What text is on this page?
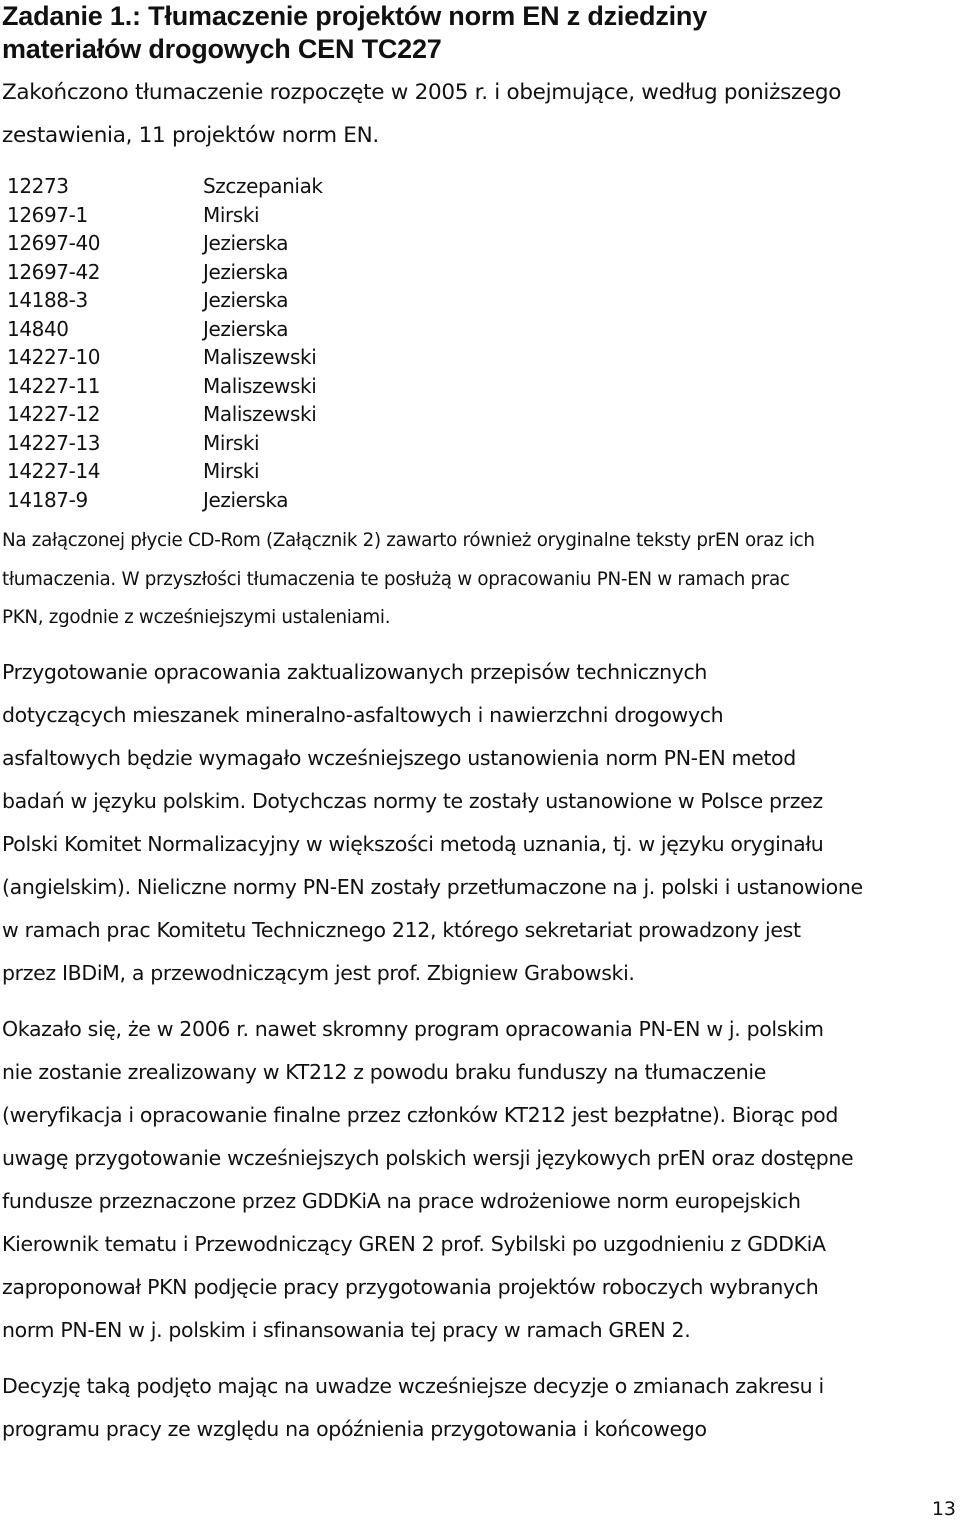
Zadanie 1.: Tłumaczenie projektów norm EN z dziedziny
materiałów drogowych CEN TC227

Zakończono tłumaczenie rozpoczęte w 2005 r. i obejmujące, według poniższego
zestawienia, 11 projektów norm EN.

12273	Szczepaniak
12697-1	Mirski
12697-40	Jezierska
12697-42	Jezierska
14188-3	Jezierska
14840	Jezierska
14227-10	Maliszewski
14227-11	Maliszewski
14227-12	Maliszewski
14227-13	Mirski
14227-14	Mirski
14187-9	Jezierska

Na załączonej płycie CD-Rom (Załącznik 2) zawarto również oryginalne teksty prEN oraz ich
tłumaczenia. W przyszłości tłumaczenia te posłużą w opracowaniu PN-EN w ramach prac
PKN, zgodnie z wcześniejszymi ustaleniami.

Przygotowanie opracowania zaktualizowanych przepisów technicznych
dotyczących mieszanek mineralno-asfaltowych i nawierzchni drogowych
asfaltowych będzie wymagało wcześniejszego ustanowienia norm PN-EN metod
badań w języku polskim. Dotychczas normy te zostały ustanowione w Polsce przez
Polski Komitet Normalizacyjny w większości metodą uznania, tj. w języku oryginału
(angielskim). Nieliczne normy PN-EN zostały przetłumaczone na j. polski i ustanowione
w ramach prac Komitetu Technicznego 212, którego sekretariat prowadzony jest
przez IBDiM, a przewodniczącym jest prof. Zbigniew Grabowski.

Okazało się, że w 2006 r. nawet skromny program opracowania PN-EN w j. polskim
nie zostanie zrealizowany w KT212 z powodu braku funduszy na tłumaczenie
(weryfikacja i opracowanie finalne przez członków KT212 jest bezpłatne). Biorąc pod
uwagę przygotowanie wcześniejszych polskich wersji językowych prEN oraz dostępne
fundusze przeznaczone przez GDDKiA na prace wdrożeniowe norm europejskich
Kierownik tematu i Przewodniczący GREN 2 prof. Sybilski po uzgodnieniu z GDDKiA
zaproponował PKN podjęcie pracy przygotowania projektów roboczych wybranych
norm PN-EN w j. polskim i sfinansowania tej pracy w ramach GREN 2.

Decyzję taką podjęto mając na uwadze wcześniejsze decyzje o zmianach zakresu i
programu pracy ze względu na opóźnienia przygotowania i końcowego

13
